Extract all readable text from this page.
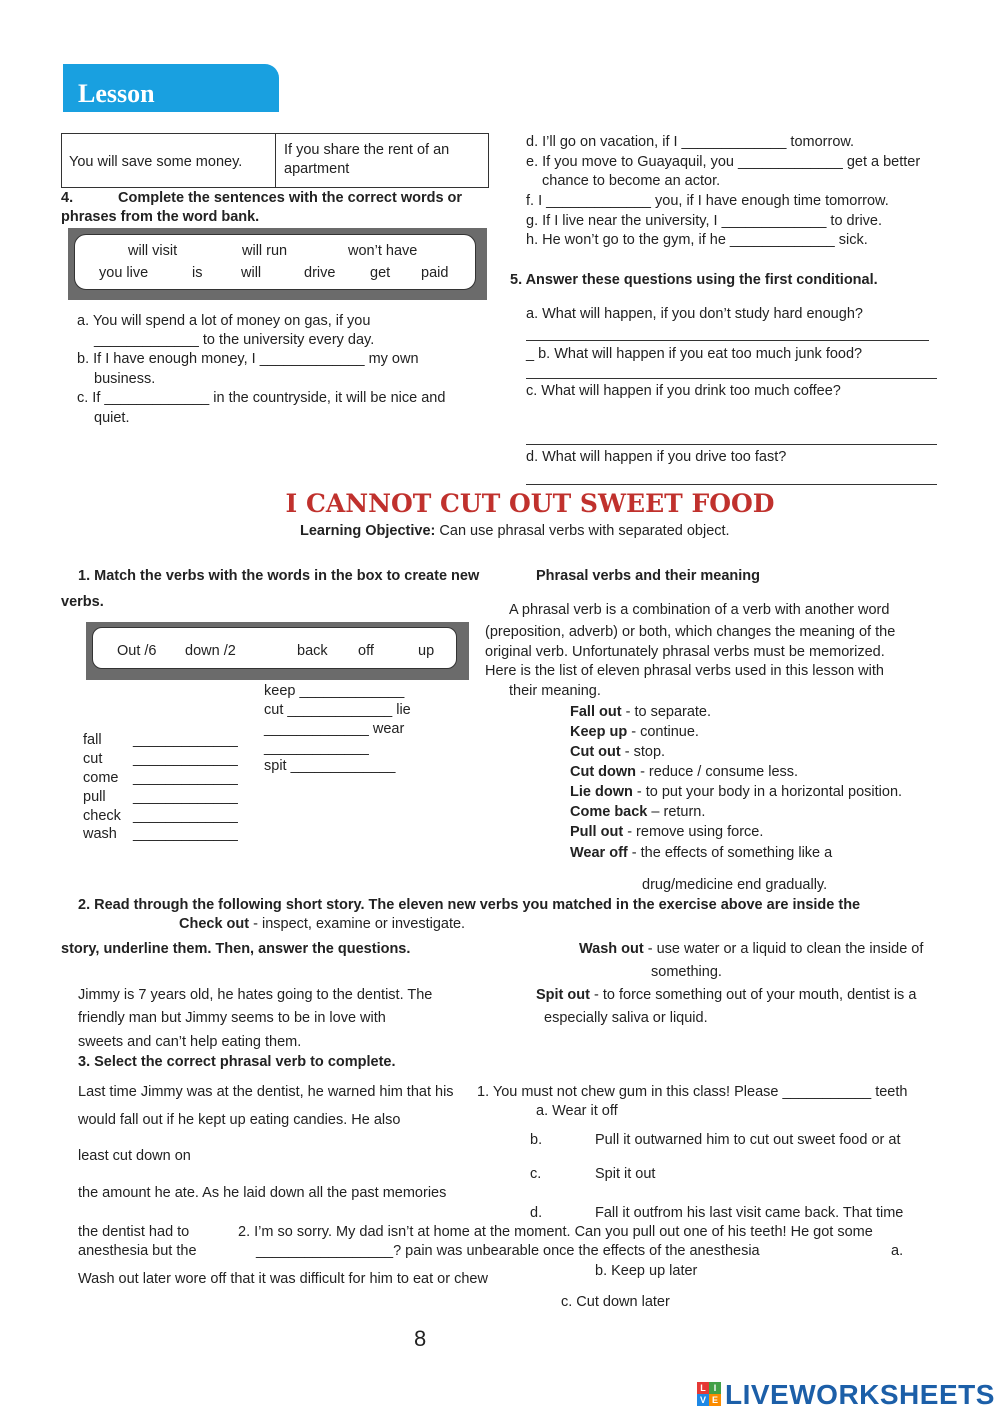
Lesson
You will save some money.
If you share the rent of an
apartment
4.	Complete the sentences with the correct words or
phrases from the word bank.
will visit	will run	won’t have
you live	is	will	drive get paid
a. You will spend a lot of money on gas, if you
_____________ to the university every day.
b. If I have enough money, I _____________ my own
business.
c. If _____________ in the countryside, it will be nice and
quiet.
d. I’ll go on vacation, if I _____________ tomorrow.
e. If you move to Guayaquil, you _____________ get a better
chance to become an actor.
f. I _____________ you, if I have enough time tomorrow.
g. If I live near the university, I _____________ to drive.
h. He won’t go to the gym, if he _____________ sick.
5. Answer these questions using the first conditional.
a. What will happen, if you don’t study hard enough?
_ b. What will happen if you eat too much junk food?
c. What will happen if you drink too much coffee?
d. What will happen if you drive too fast?
I CANNOT CUT OUT SWEET FOOD
Learning Objective: Can use phrasal verbs with separated object.
1. Match the verbs with the words in the box to create new
verbs.
Out /6 down /2	back off	up
keep _____________
cut _____________ lie
_____________ wear
_____________
spit _____________
fall _____________
cut _____________
come _____________
pull _____________
check _____________
wash _____________
Phrasal verbs and their meaning
A phrasal verb is a combination of a verb with another word
(preposition, adverb) or both, which changes the meaning of the
original verb. Unfortunately phrasal verbs must be memorized.
Here is the list of eleven phrasal verbs used in this lesson with
their meaning.
Fall out - to separate.
Keep up - continue.
Cut out - stop.
Cut down - reduce / consume less.
Lie down - to put your body in a horizontal position.
Come back – return.
Pull out - remove using force.
Wear off - the effects of something like a
drug/medicine end gradually.
2. Read through the following short story. The eleven new verbs you matched in the exercise above are inside the
Check out - inspect, examine or investigate.
story, underline them. Then, answer the questions.	Wash out - use water or a liquid to clean the inside of
something.
Jimmy is 7 years old, he hates going to the dentist. The	Spit out - to force something out of your mouth, dentist is a
friendly man but Jimmy seems to be in love with	especially saliva or liquid.
sweets and can’t help eating them.
3. Select the correct phrasal verb to complete.
Last time Jimmy was at the dentist, he warned him that his 1. You must not chew gum in this class! Please ___________ teeth
a. Wear it off
would fall out if he kept up eating candies. He also
b.	Pull it outwarned him to cut out sweet food or at
least cut down on
c.	Spit it out
the amount he ate. As he laid down all the past memories
d.	Fall it outfrom his last visit came back. That time
the dentist had to	2. I’m so sorry. My dad isn’t at home at the moment. Can you pull out one of his teeth! He got some
anesthesia but the	_________________? pain was unbearable once the effects of the anesthesia	a.
b. Keep up later
Wash out later wore off that it was difficult for him to eat or chew
c. Cut down later
8
L I
V E LIVEWORKSHEETS
